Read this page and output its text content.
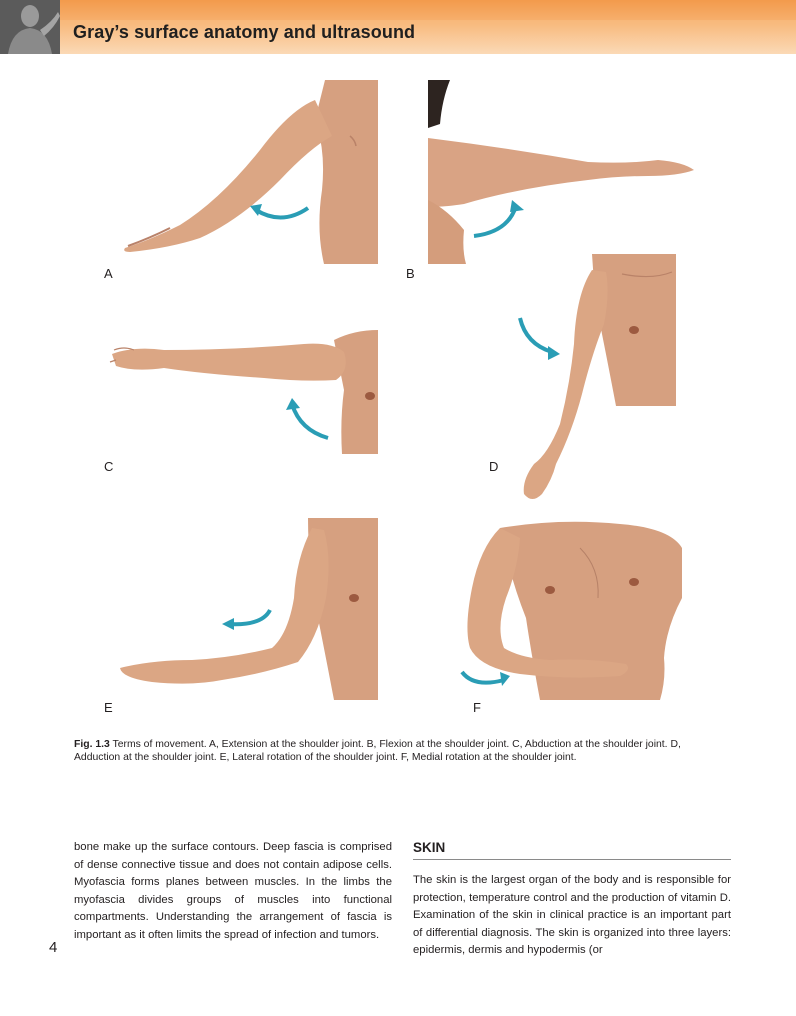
Gray’s surface anatomy and ultrasound
A	B
C	D
E	F
Fig. 1.3 Terms of movement. A, Extension at the shoulder joint. B, Flexion at the shoulder joint. C, Abduction at the shoulder joint. D, Adduction at the shoulder joint. E, Lateral rotation of the shoulder joint. F, Medial rotation at the shoulder joint.
bone make up the surface contours. Deep fascia is comprised of dense connective tissue and does not contain adipose cells. Myofascia forms planes between muscles. In the limbs the myofascia divides groups of muscles into functional compartments. Understanding the arrangement of fascia is important as it often limits the spread of infection and tumors.
SKIN
The skin is the largest organ of the body and is responsible for protection, temperature control and the production of vitamin D. Examination of the skin in clinical practice is an important part of differential diagnosis. The skin is organized into three layers: epidermis, dermis and hypodermis (or
4
